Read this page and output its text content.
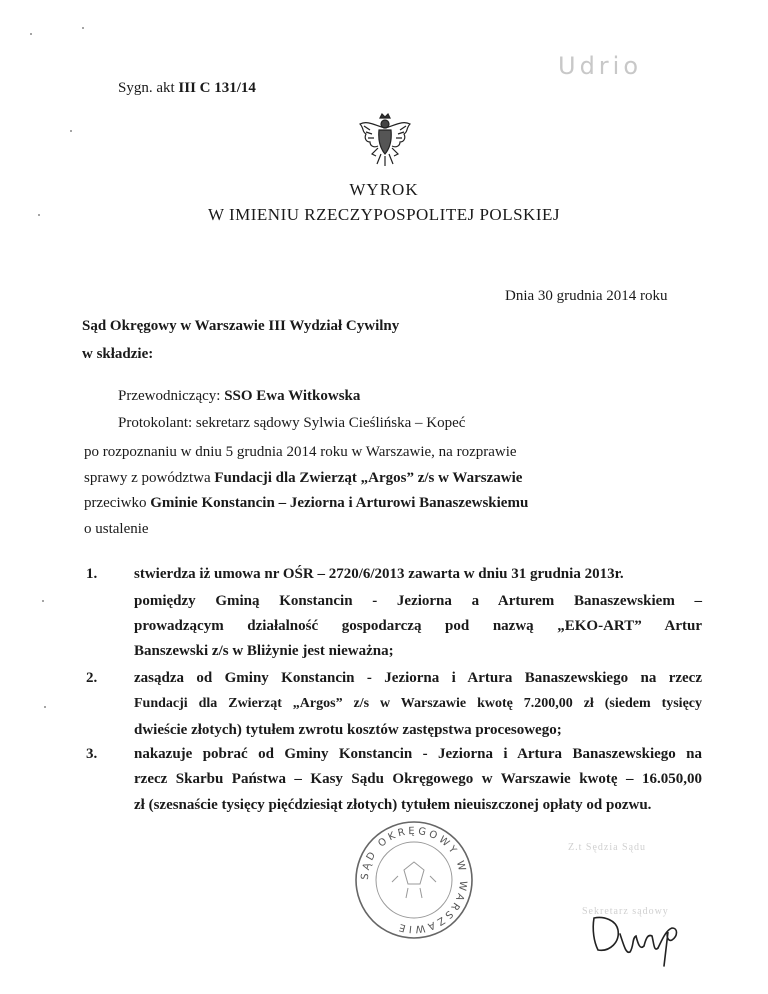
Sygn. akt III C 131/14
Udrio
WYROK
W IMIENIU RZECZYPOSPOLITEJ POLSKIEJ
Dnia 30 grudnia 2014 roku
Sąd Okręgowy w Warszawie III Wydział Cywilny
w składzie:
Przewodniczący: SSO Ewa Witkowska
Protokolant: sekretarz sądowy Sylwia Cieślińska – Kopeć
po rozpoznaniu w dniu 5 grudnia 2014 roku w Warszawie, na rozprawie
sprawy z powództwa Fundacji dla Zwierząt „Argos” z/s w Warszawie
przeciwko Gminie Konstancin – Jeziorna i Arturowi Banaszewskiemu
o ustalenie
1. stwierdza iż umowa nr OŚR – 2720/6/2013 zawarta w dniu 31 grudnia 2013r.
pomiędzy Gminą Konstancin - Jeziorna a Arturem Banaszewskiem –
prowadzącym działalność gospodarczą pod nazwą „EKO-ART” Artur
Banszewski z/s w Bliżynie jest nieważna;
2. zasądza od Gminy Konstancin - Jeziorna i Artura Banaszewskiego na rzecz
Fundacji dla Zwierząt „Argos” z/s w Warszawie kwotę 7.200,00 zł (siedem tysięcy
dwieście złotych) tytułem zwrotu kosztów zastępstwa procesowego;
3. nakazuje pobrać od Gminy Konstancin - Jeziorna i Artura Banaszewskiego na
rzecz Skarbu Państwa – Kasy Sądu Okręgowego w Warszawie kwotę – 16.050,00
zł (szesnaście tysięcy pięćdziesiąt złotych) tytułem nieuiszczonej opłaty od pozwu.
SĄD OKRĘGOWY W WARSZAWIE
Z.t Sędzia Sądu
Sekretarz sądowy
